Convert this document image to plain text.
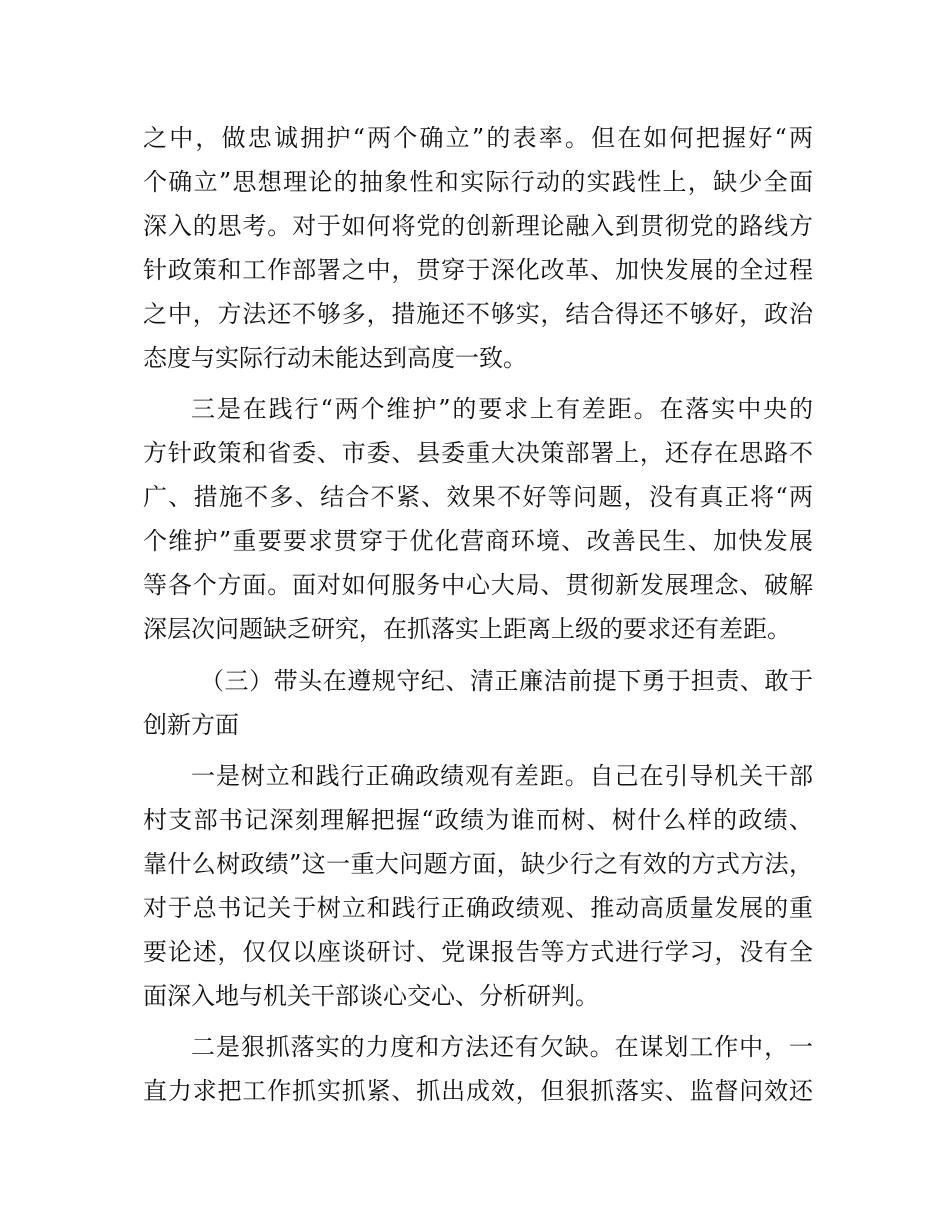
之中，做忠诚拥护“两个确立”的表率。但在如何把握好“两
个确立”思想理论的抽象性和实际行动的实践性上，缺少全面
深入的思考。对于如何将党的创新理论融入到贯彻党的路线方
针政策和工作部署之中，贯穿于深化改革、加快发展的全过程
之中，方法还不够多，措施还不够实，结合得还不够好，政治
态度与实际行动未能达到高度一致。
三是在践行“两个维护”的要求上有差距。在落实中央的
方针政策和省委、市委、县委重大决策部署上，还存在思路不
广、措施不多、结合不紧、效果不好等问题，没有真正将“两
个维护”重要要求贯穿于优化营商环境、改善民生、加快发展
等各个方面。面对如何服务中心大局、贯彻新发展理念、破解
深层次问题缺乏研究，在抓落实上距离上级的要求还有差距。
（三）带头在遵规守纪、清正廉洁前提下勇于担责、敢于
创新方面
一是树立和践行正确政绩观有差距。自己在引导机关干部
村支部书记深刻理解把握“政绩为谁而树、树什么样的政绩、
靠什么树政绩”这一重大问题方面，缺少行之有效的方式方法，
对于总书记关于树立和践行正确政绩观、推动高质量发展的重
要论述，仅仅以座谈研讨、党课报告等方式进行学习，没有全
面深入地与机关干部谈心交心、分析研判。
二是狠抓落实的力度和方法还有欠缺。在谋划工作中，一
直力求把工作抓实抓紧、抓出成效，但狠抓落实、监督问效还
